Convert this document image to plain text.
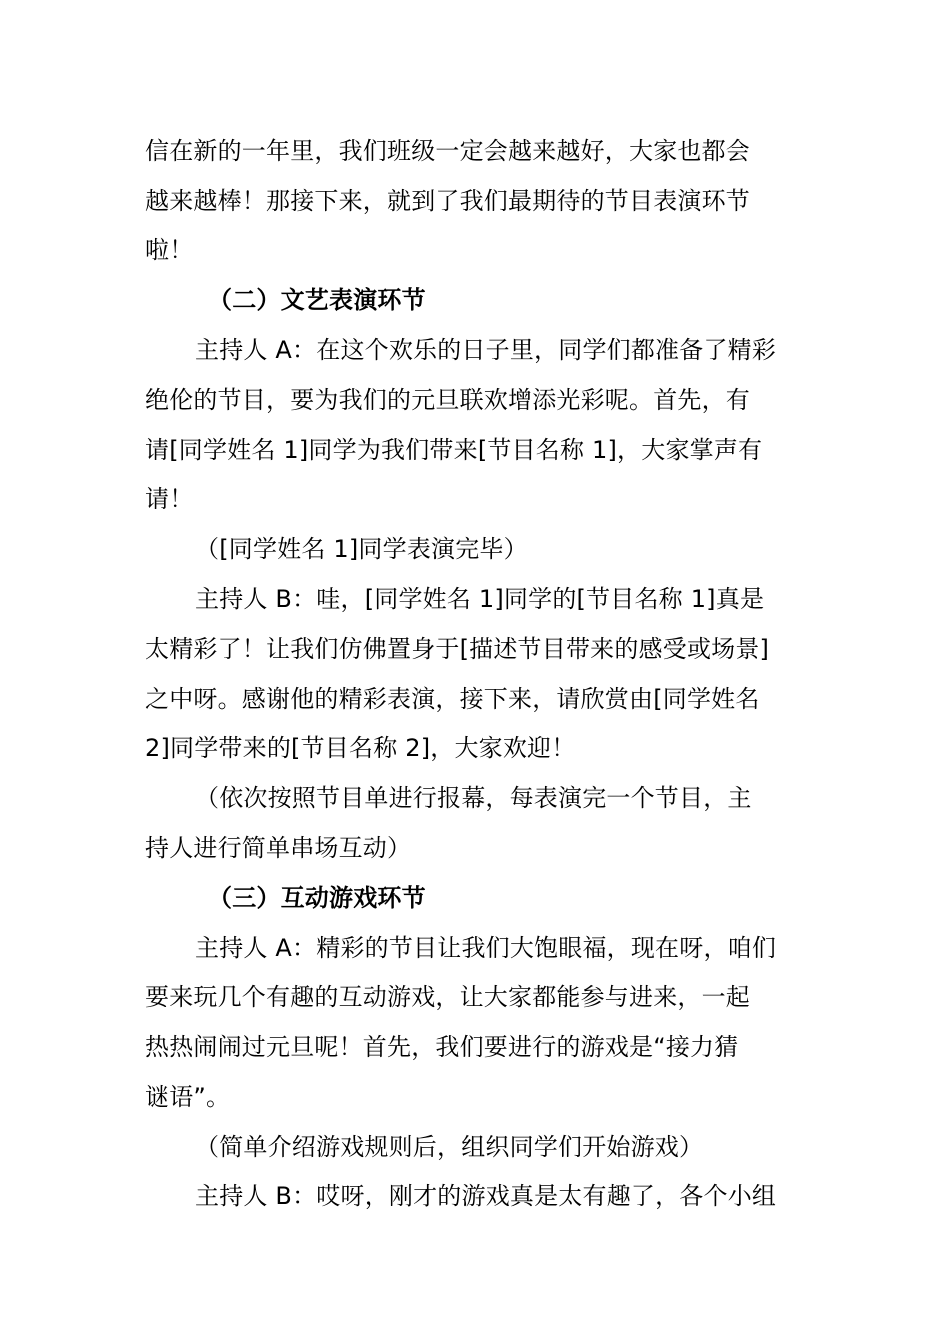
信在新的一年里，我们班级一定会越来越好，大家也都会
越来越棒！那接下来，就到了我们最期待的节目表演环节
啦！
（二）文艺表演环节
主持人 A：在这个欢乐的日子里，同学们都准备了精彩
绝伦的节目，要为我们的元旦联欢增添光彩呢。首先，有
请[同学姓名 1]同学为我们带来[节目名称 1]，大家掌声有
请！
（[同学姓名 1]同学表演完毕）
主持人 B：哇，[同学姓名 1]同学的[节目名称 1]真是
太精彩了！让我们仿佛置身于[描述节目带来的感受或场景]
之中呀。感谢他的精彩表演，接下来，请欣赏由[同学姓名
2]同学带来的[节目名称 2]，大家欢迎！
（依次按照节目单进行报幕，每表演完一个节目，主
持人进行简单串场互动）
（三）互动游戏环节
主持人 A：精彩的节目让我们大饱眼福，现在呀，咱们
要来玩几个有趣的互动游戏，让大家都能参与进来，一起
热热闹闹过元旦呢！首先，我们要进行的游戏是“接力猜
谜语”。
（简单介绍游戏规则后，组织同学们开始游戏）
主持人 B：哎呀，刚才的游戏真是太有趣了，各个小组
